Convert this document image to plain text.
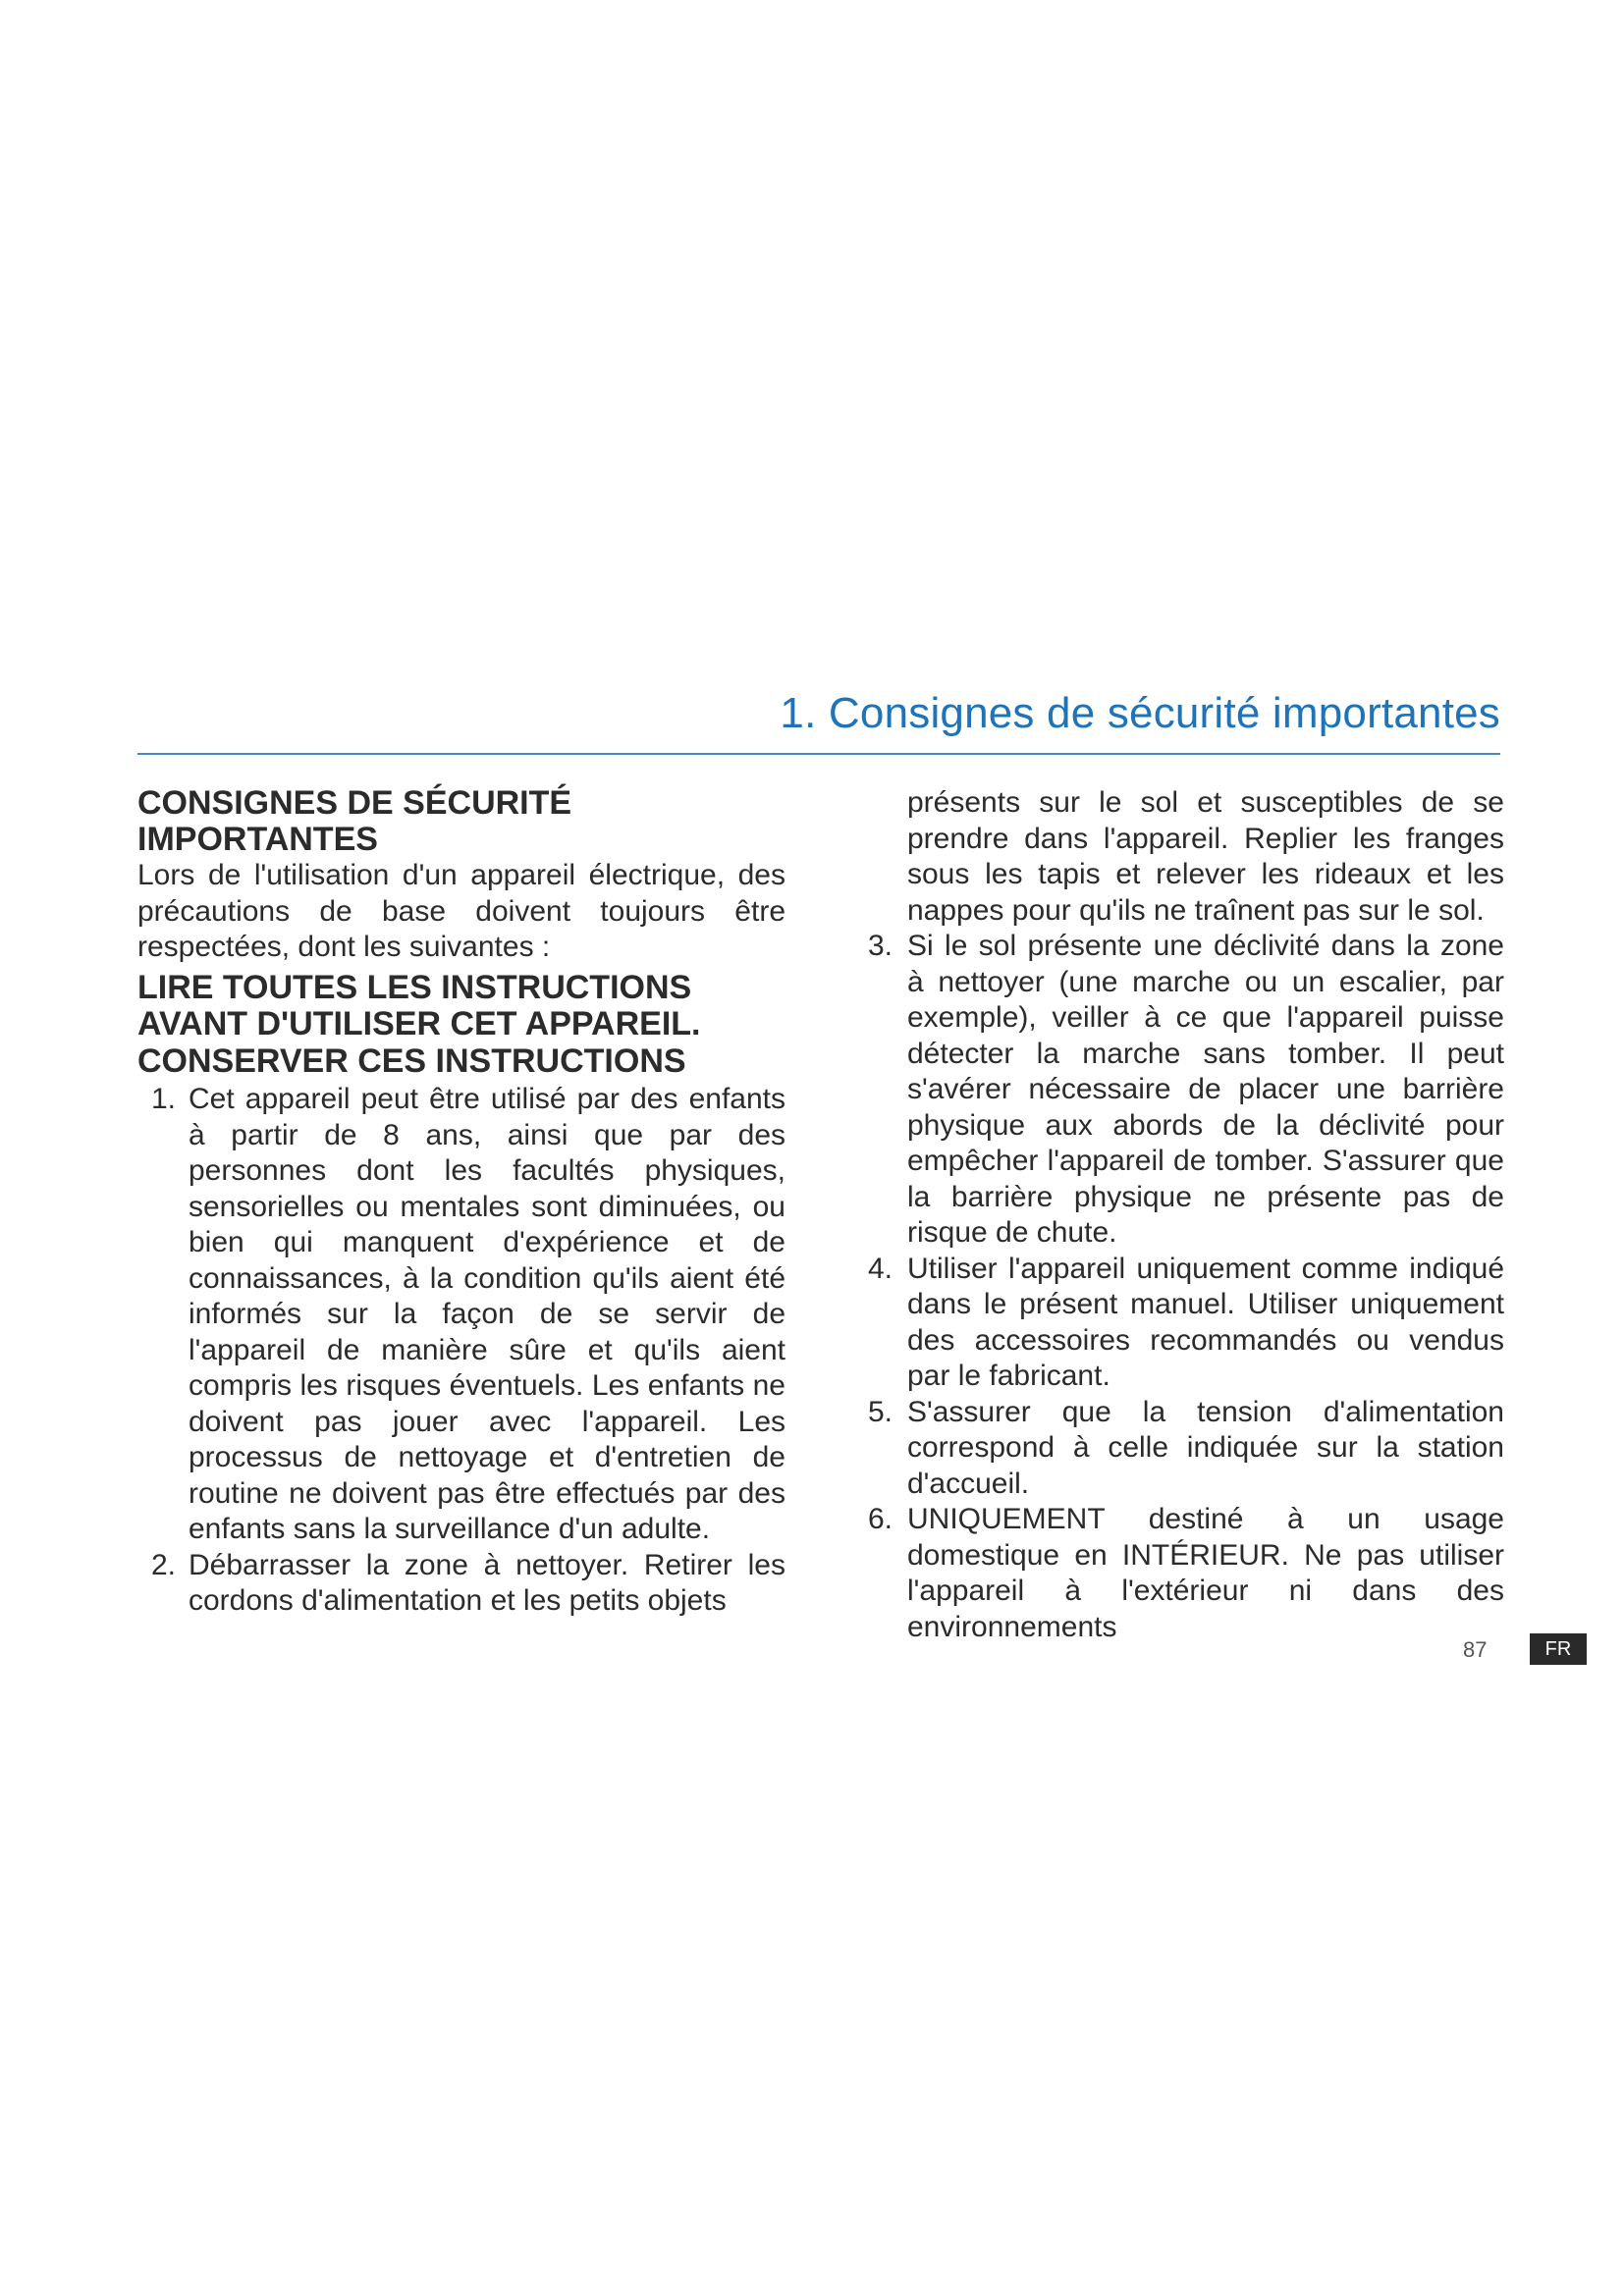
1. Consignes de sécurité importantes

CONSIGNES DE SÉCURITÉ IMPORTANTES

Lors de l'utilisation d'un appareil électrique, des précautions de base doivent toujours être respectées, dont les suivantes :

LIRE TOUTES LES INSTRUCTIONS
AVANT D'UTILISER CET APPAREIL.
CONSERVER CES INSTRUCTIONS
1. Cet appareil peut être utilisé par des enfants à partir de 8 ans, ainsi que par des personnes dont les facultés physiques, sensorielles ou mentales sont diminuées, ou bien qui manquent d'expérience et de connaissances, à la condition qu'ils aient été informés sur la façon de se servir de l'appareil de manière sûre et qu'ils aient compris les risques éventuels. Les enfants ne doivent pas jouer avec l'appareil. Les processus de nettoyage et d'entretien de routine ne doivent pas être effectués par des enfants sans la surveillance d'un adulte.
2. Débarrasser la zone à nettoyer. Retirer les cordons d'alimentation et les petits objets

présents sur le sol et susceptibles de se prendre dans l'appareil. Replier les franges sous les tapis et relever les rideaux et les nappes pour qu'ils ne traînent pas sur le sol.

3. Si le sol présente une déclivité dans la zone à nettoyer (une marche ou un escalier, par exemple), veiller à ce que l'appareil puisse détecter la marche sans tomber. Il peut s'avérer nécessaire de placer une barrière physique aux abords de la déclivité pour empêcher l'appareil de tomber. S'assurer que la barrière physique ne présente pas de risque de chute.
4. Utiliser l'appareil uniquement comme indiqué dans le présent manuel. Utiliser uniquement des accessoires recommandés ou vendus par le fabricant.
5. S'assurer que la tension d'alimentation correspond à celle indiquée sur la station d'accueil.
6. UNIQUEMENT destiné à un usage domestique en INTÉRIEUR. Ne pas utiliser l'appareil à l'extérieur ni dans des environnements
87	FR
